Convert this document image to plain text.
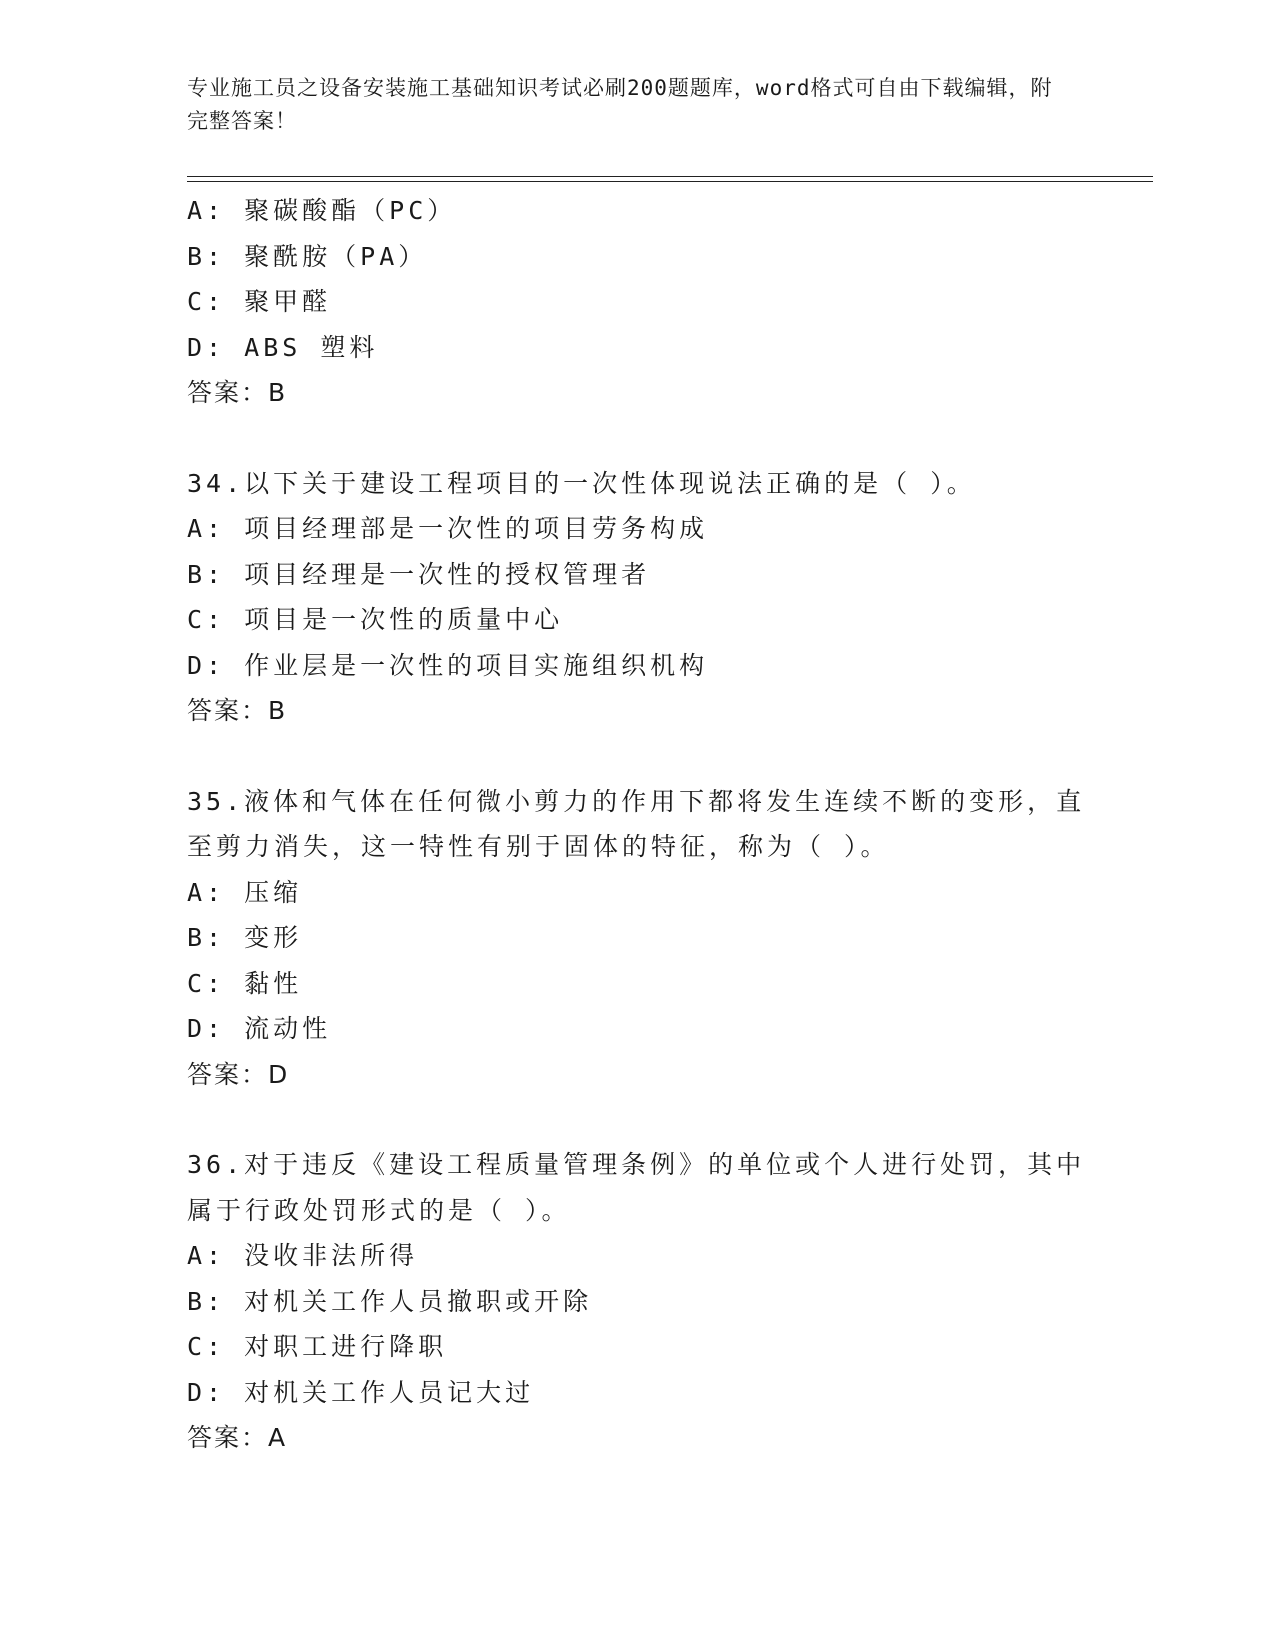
专业施工员之设备安装施工基础知识考试必刷200题题库，word格式可自由下载编辑，附完整答案！
A: 聚碳酸酯（PC）
B: 聚酰胺（PA）
C: 聚甲醛
D: ABS 塑料
答案：B
34.以下关于建设工程项目的一次性体现说法正确的是（ ）。
A: 项目经理部是一次性的项目劳务构成
B: 项目经理是一次性的授权管理者
C: 项目是一次性的质量中心
D: 作业层是一次性的项目实施组织机构
答案：B
35.液体和气体在任何微小剪力的作用下都将发生连续不断的变形，直至剪力消失，这一特性有别于固体的特征，称为（ ）。
A: 压缩
B: 变形
C: 黏性
D: 流动性
答案：D
36.对于违反《建设工程质量管理条例》的单位或个人进行处罚，其中属于行政处罚形式的是（ ）。
A: 没收非法所得
B: 对机关工作人员撤职或开除
C: 对职工进行降职
D: 对机关工作人员记大过
答案：A
